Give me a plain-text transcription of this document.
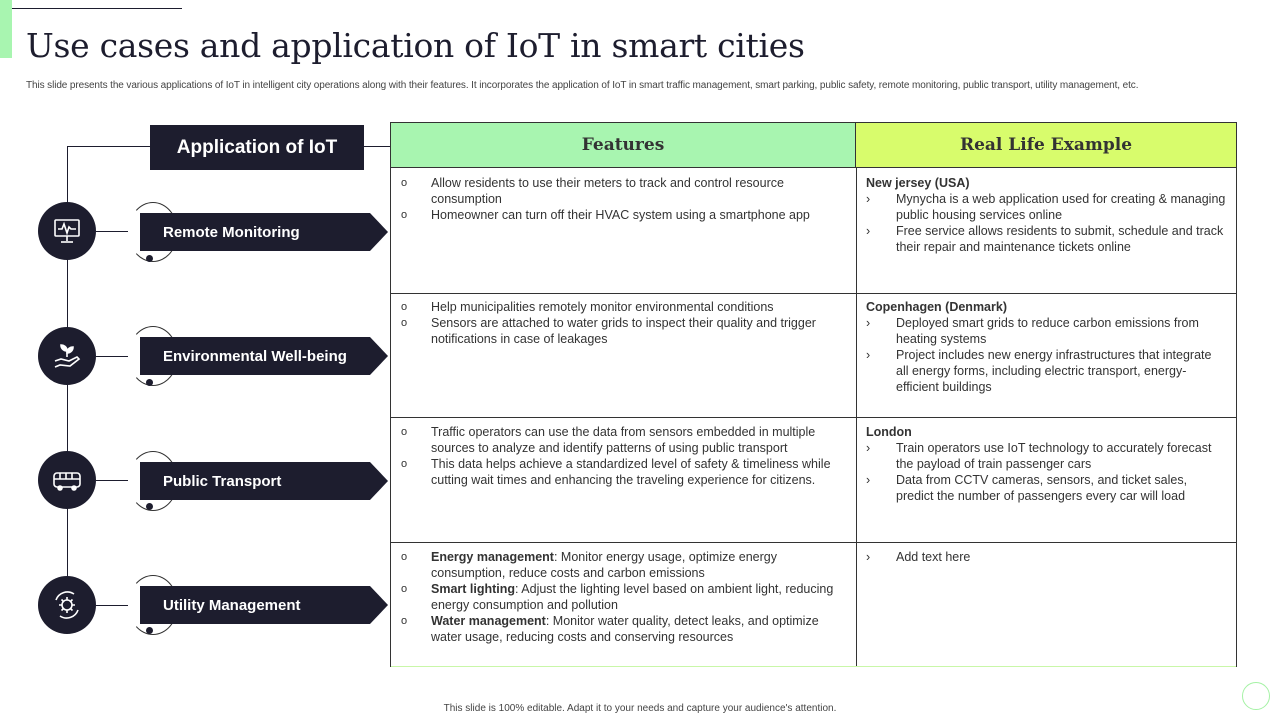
Use cases and application of IoT in smart cities
This slide presents the various applications of IoT in intelligent city operations along with their features. It incorporates the application of IoT in smart traffic management, smart parking, public safety, remote monitoring, public transport, utility management, etc.
Application of IoT
Remote Monitoring
Environmental Well-being
Public Transport
Utility Management
Features	Real Life Example
o Allow residents to use their meters to track and control resource consumption
o Homeowner can turn off their HVAC system using a smartphone app
New jersey (USA)
› Mynycha is a web application used for creating & managing public housing services online
› Free service allows residents to submit, schedule and track their repair and maintenance tickets online
o Help municipalities remotely monitor environmental conditions
o Sensors are attached to water grids to inspect their quality and trigger notifications in case of leakages
Copenhagen (Denmark)
› Deployed smart grids to reduce carbon emissions from heating systems
› Project includes new energy infrastructures that integrate all energy forms, including electric transport, energy-efficient buildings
o Traffic operators can use the data from sensors embedded in multiple sources to analyze and identify patterns of using public transport
o This data helps achieve a standardized level of safety & timeliness while cutting wait times and enhancing the traveling experience for citizens.
London
› Train operators use IoT technology to accurately forecast the payload of train passenger cars
› Data from CCTV cameras, sensors, and ticket sales, predict the number of passengers every car will load
o Energy management: Monitor energy usage, optimize energy consumption, reduce costs and carbon emissions
o Smart lighting: Adjust the lighting level based on ambient light, reducing energy consumption and pollution
o Water management: Monitor water quality, detect leaks, and optimize water usage, reducing costs and conserving resources
› Add text here
This slide is 100% editable. Adapt it to your needs and capture your audience's attention.
